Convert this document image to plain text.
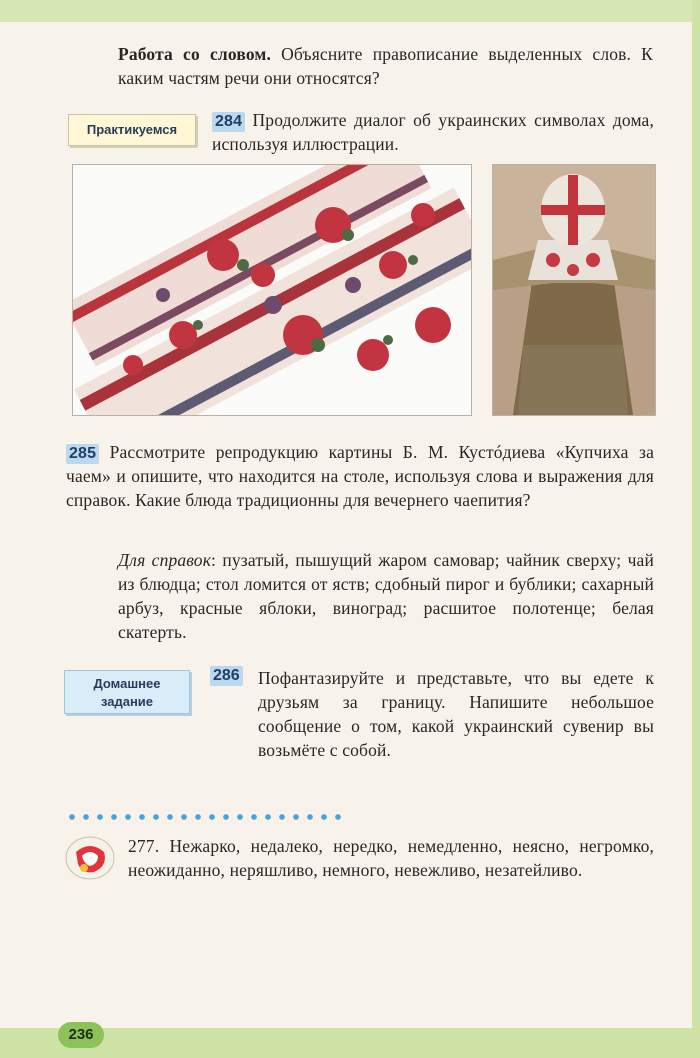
Работа со словом. Объясните правописание выделенных слов. К каким частям речи они относятся?
Практикуемся	284 Продолжите диалог об украинских символах дома, используя иллюстрации.
285 Рассмотрите репродукцию картины Б. М. Кустóдиева «Купчиха за чаем» и опишите, что находится на столе, используя слова и выражения для справок. Какие блюда традиционны для вечернего чаепития?
Для справок: пузатый, пышущий жаром самовар; чайник сверху; чай из блюдца; стол ломится от яств; сдобный пирог и бублики; сахарный арбуз, красные яблоки, виноград; расшитое полотенце; белая скатерть.
Домашнее
задание
286 Пофантазируйте и представьте, что вы едете к друзьям за границу. Напишите небольшое сообщение о том, какой украинский сувенир вы возьмёте с собой.
277. Нежарко, недалеко, нередко, немедленно, неясно, негромко, неожиданно, неряшливо, немного, невежливо, незатейливо.
236
